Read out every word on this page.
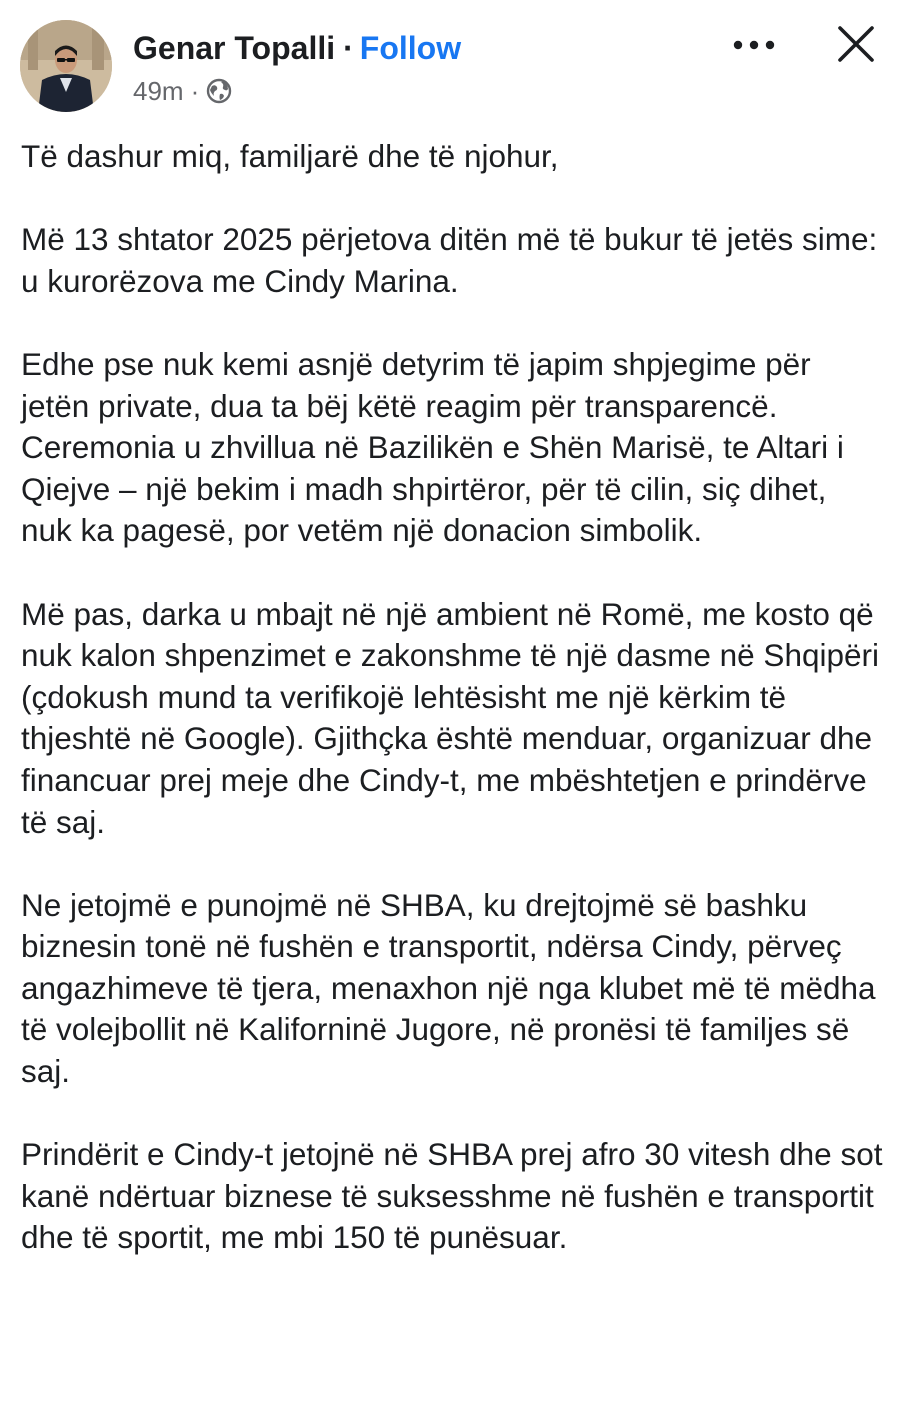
Genar Topalli · Follow
49m ·

Të dashur miq, familjarë dhe të njohur,

Më 13 shtator 2025 përjetova ditën më të bukur të jetës sime: u kurorëzova me Cindy Marina.

Edhe pse nuk kemi asnjë detyrim të japim shpjegime për jetën private, dua ta bëj këtë reagim për transparencë. Ceremonia u zhvillua në Bazilikën e Shën Marisë, te Altari i Qiejve – një bekim i madh shpirtëror, për të cilin, siç dihet, nuk ka pagesë, por vetëm një donacion simbolik.

Më pas, darka u mbajt në një ambient në Romë, me kosto që nuk kalon shpenzimet e zakonshme të një dasme në Shqipëri (çdokush mund ta verifikojë lehtësisht me një kërkim të thjeshtë në Google). Gjithçka është menduar, organizuar dhe financuar prej meje dhe Cindy-t, me mbështetjen e prindërve të saj.

Ne jetojmë e punojmë në SHBA, ku drejtojmë së bashku biznesin tonë në fushën e transportit, ndërsa Cindy, përveç angazhimeve të tjera, menaxhon një nga klubet më të mëdha të volejbollit në Kaliforninë Jugore, në pronësi të familjes së saj.

Prindërit e Cindy-t jetojnë në SHBA prej afro 30 vitesh dhe sot kanë ndërtuar biznese të suksesshme në fushën e transportit dhe të sportit, me mbi 150 të punësuar.
